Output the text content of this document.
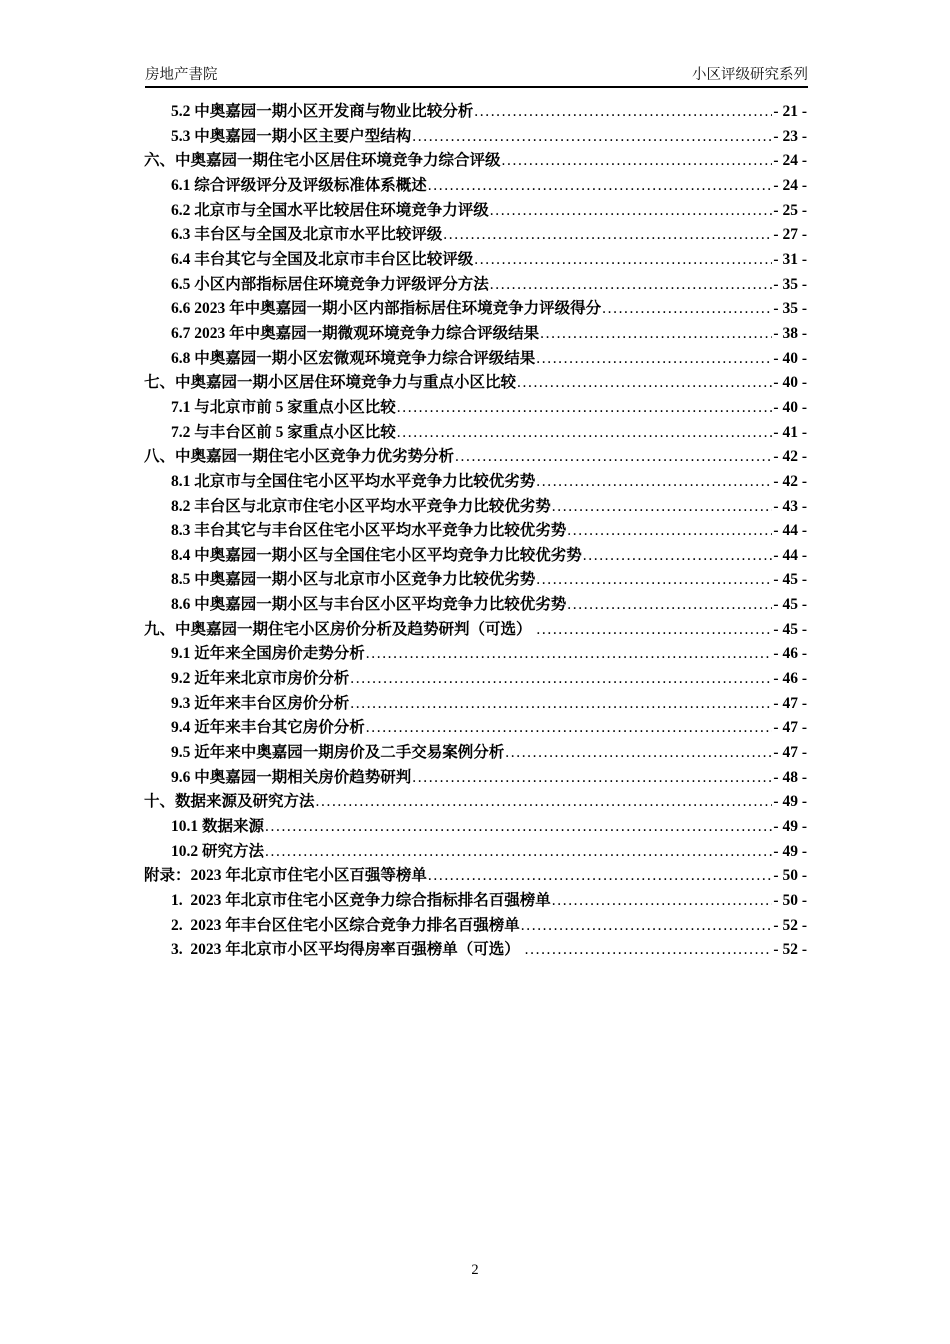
房地产書院	小区评级研究系列
5.2 中奥嘉园一期小区开发商与物业比较分析 .....	- 21 -
5.3 中奥嘉园一期小区主要户型结构 .....	- 23 -
六、中奥嘉园一期住宅小区居住环境竞争力综合评级 .....	- 24 -
6.1 综合评级评分及评级标准体系概述 .....	- 24 -
6.2 北京市与全国水平比较居住环境竞争力评级 .....	- 25 -
6.3 丰台区与全国及北京市水平比较评级 .....	- 27 -
6.4 丰台其它与全国及北京市丰台区比较评级 .....	- 31 -
6.5 小区内部指标居住环境竞争力评级评分方法 .....	- 35 -
6.6 2023 年中奥嘉园一期小区内部指标居住环境竞争力评级得分 .....	- 35 -
6.7 2023 年中奥嘉园一期微观环境竞争力综合评级结果 .....	- 38 -
6.8 中奥嘉园一期小区宏微观环境竞争力综合评级结果 .....	- 40 -
七、中奥嘉园一期小区居住环境竞争力与重点小区比较 .....	- 40 -
7.1 与北京市前 5 家重点小区比较 .....	- 40 -
7.2 与丰台区前 5 家重点小区比较 .....	- 41 -
八、中奥嘉园一期住宅小区竞争力优劣势分析 .....	- 42 -
8.1 北京市与全国住宅小区平均水平竞争力比较优劣势 .....	- 42 -
8.2 丰台区与北京市住宅小区平均水平竞争力比较优劣势 .....	- 43 -
8.3 丰台其它与丰台区住宅小区平均水平竞争力比较优劣势 .....	- 44 -
8.4 中奥嘉园一期小区与全国住宅小区平均竞争力比较优劣势 .....	- 44 -
8.5 中奥嘉园一期小区与北京市小区竞争力比较优劣势 .....	- 45 -
8.6 中奥嘉园一期小区与丰台区小区平均竞争力比较优劣势 .....	- 45 -
九、中奥嘉园一期住宅小区房价分析及趋势研判（可选） .....	- 45 -
9.1 近年来全国房价走势分析 .....	- 46 -
9.2 近年来北京市房价分析 .....	- 46 -
9.3 近年来丰台区房价分析 .....	- 47 -
9.4 近年来丰台其它房价分析 .....	- 47 -
9.5 近年来中奥嘉园一期房价及二手交易案例分析 .....	- 47 -
9.6 中奥嘉园一期相关房价趋势研判 .....	- 48 -
十、数据来源及研究方法 .....	- 49 -
10.1 数据来源 .....	- 49 -
10.2 研究方法 .....	- 49 -
附录：2023 年北京市住宅小区百强等榜单 .....	- 50 -
1.  2023 年北京市住宅小区竞争力综合指标排名百强榜单 .....	- 50 -
2.  2023 年丰台区住宅小区综合竞争力排名百强榜单 .....	- 52 -
3.  2023 年北京市小区平均得房率百强榜单（可选） .....	- 52 -
2
